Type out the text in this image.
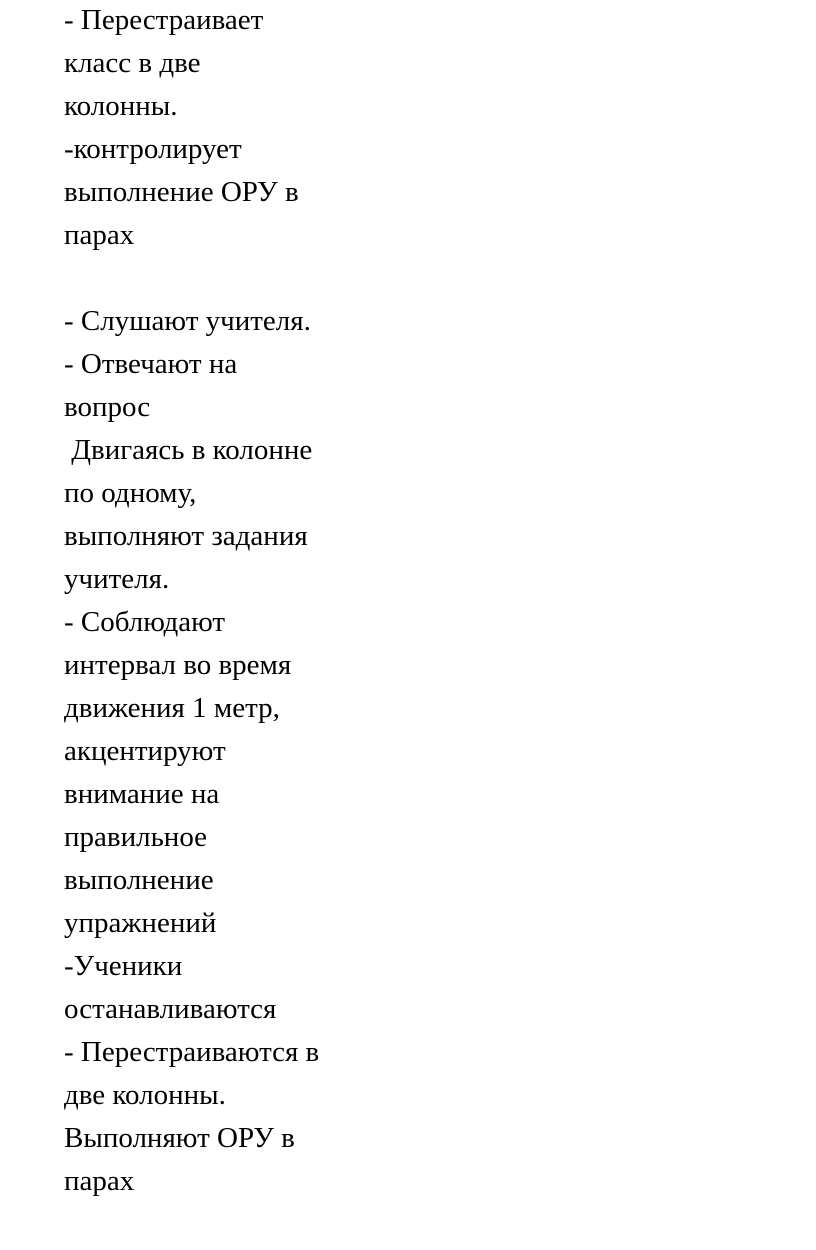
- Перестраивает
класс в две
колонны.
-контролирует
выполнение ОРУ в
парах
- Слушают учителя.
- Отвечают на
вопрос
Двигаясь в колонне
по одному,
выполняют задания
учителя.
- Соблюдают
интервал во время
движения 1 метр,
акцентируют
внимание на
правильное
выполнение
упражнений
-Ученики
останавливаются
- Перестраиваются в
две колонны.
Выполняют ОРУ в
парах
